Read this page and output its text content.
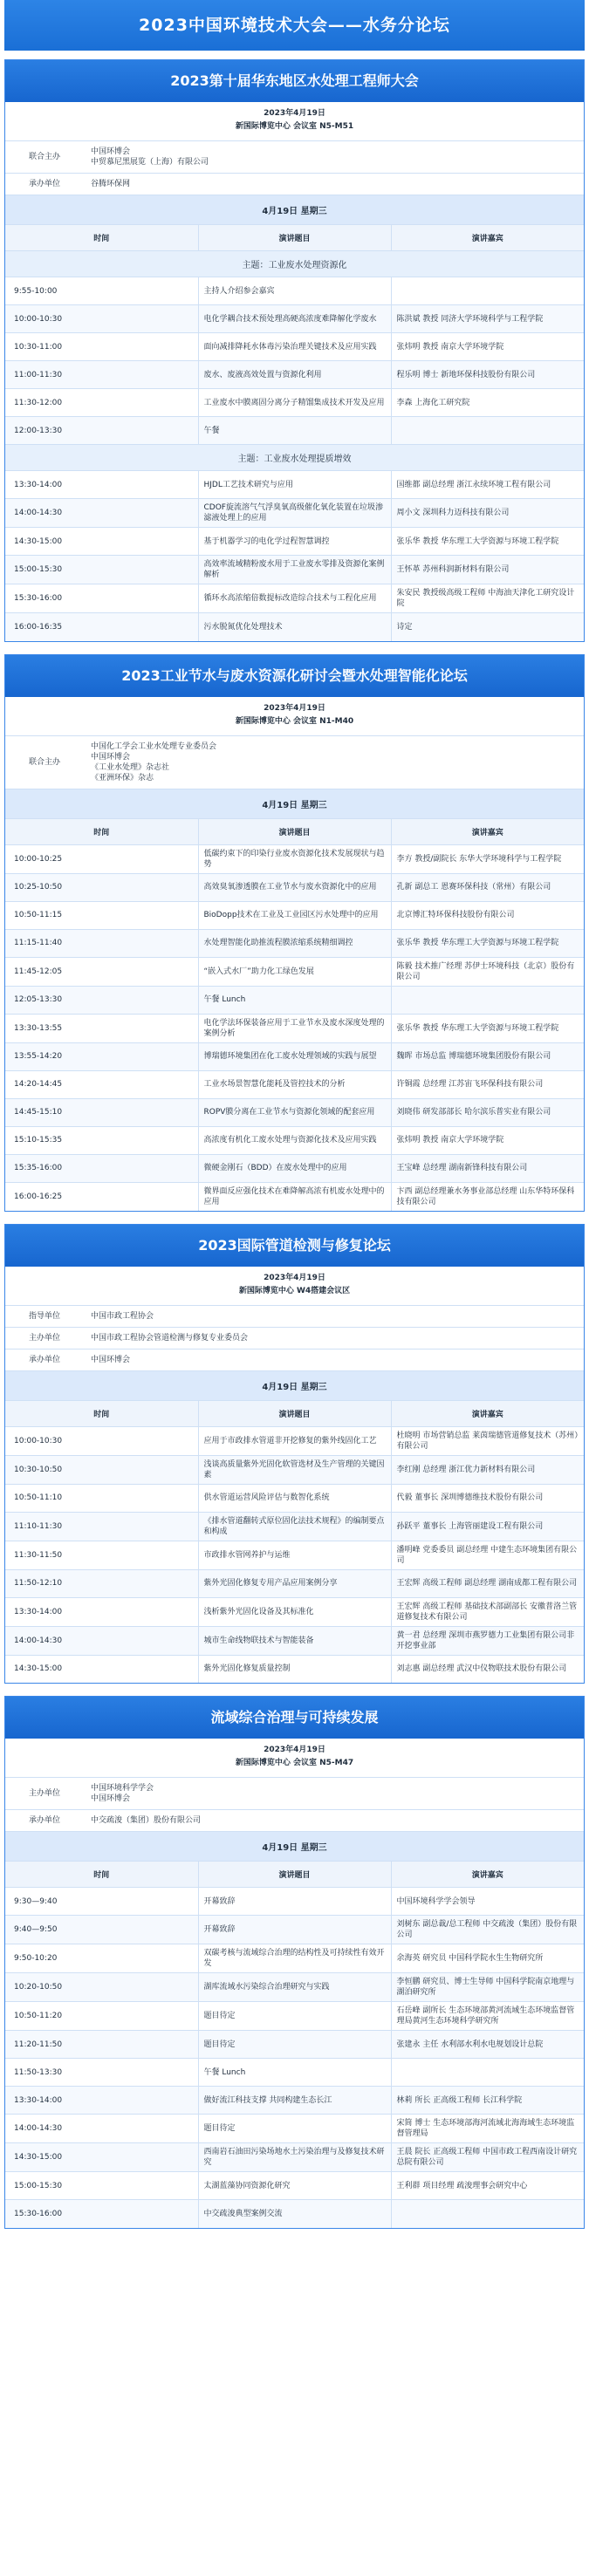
2023中国环境技术大会——水务分论坛
2023第十届华东地区水处理工程师大会
2023年4月19日
新国际博览中心 会议室 N5-M51
联合主办	中国环博会
中贸慕尼黑展览（上海）有限公司

承办单位	谷腾环保网
4月19日 星期三		
时间	演讲题目	演讲嘉宾
主题：工业废水处理资源化		
9:55-10:00	主持人介绍参会嘉宾	
10:00-10:30	电化学耦合技术预处理高硬高浓度难降解化学废水	陈洪斌 教授 同济大学环境科学与工程学院
10:30-11:00	面向减排降耗水体毒污染治理关键技术及应用实践	张炜明 教授 南京大学环境学院
11:00-11:30	废水、废液高效处置与资源化利用	程乐明 博士 新地环保科技股份有限公司
11:30-12:00	工业废水中膜离固分离分子精馏集成技术开发及应用	李森 上海化工研究院
12:00-13:30	午餐	
主题：工业废水处理提质增效		
13:30-14:00	HJDL工艺技术研究与应用	国维都 副总经理 浙江永续环境工程有限公司
14:00-14:30	CDOF旋流溶气气浮臭氧高级催化氧化装置在垃圾渗滤液处理上的应用	周小文 深圳科力迈科技有限公司
14:30-15:00	基于机器学习的电化学过程智慧调控	张乐华 教授 华东理工大学资源与环境工程学院
15:00-15:30	高效率流域精粉废水用于工业废水零排及资源化案例解析	王怀革 苏州科润新材料有限公司
15:30-16:00	循环水高浓缩倍数提标改造综合技术与工程化应用	朱安民 教授级高级工程师 中海油天津化工研究设计院
16:00-16:35	污水脱氮优化处理技术	诗定
2023工业节水与废水资源化研讨会暨水处理智能化论坛
2023年4月19日
新国际博览中心 会议室 N1-M40
联合主办	
中国化工学会工业水处理专业委员会
中国环博会
《工业水处理》杂志社
《亚洲环保》杂志
4月19日 星期三		
时间	演讲题目	演讲嘉宾
10:00-10:25	低碳约束下的印染行业废水资源化技术发展现状与趋势	李方 教授/副院长 东华大学环境科学与工程学院
10:25-10:50	高效臭氧渗透膜在工业节水与废水资源化中的应用	孔新 副总工 恩赛环保科技（常州）有限公司
10:50-11:15	BioDopp技术在工业及工业园区污水处理中的应用	北京博汇特环保科技股份有限公司
11:15-11:40	水处理智能化助推流程膜浓缩系统精细调控	张乐华 教授 华东理工大学资源与环境工程学院
11:45-12:05	“嵌入式水厂”助力化工绿色发展	陈毅 技术推广经理 苏伊士环境科技（北京）股份有限公司
12:05-13:30	午餐 Lunch	
13:30-13:55	电化学法环保装备应用于工业节水及废水深度处理的案例分析	张乐华 教授 华东理工大学资源与环境工程学院
13:55-14:20	博瑞德环境集团在化工废水处理领域的实践与展望	魏晖 市场总监 博瑞德环境集团股份有限公司
14:20-14:45	工业水场景智慧化能耗及管控技术的分析	许铜霞 总经理 江苏宙飞环保科技有限公司
14:45-15:10	ROPV膜分离在工业节水与资源化领域的配套应用	刘晓伟 研发部部长 哈尔滨乐普实业有限公司
15:10-15:35	高浓度有机化工废水处理与资源化技术及应用实践	张炜明 教授 南京大学环境学院
15:35-16:00	微硬金刚石（BDD）在废水处理中的应用	王宝峰 总经理 湖南新锋科技有限公司
16:00-16:25	微界面反应强化技术在难降解高浓有机废水处理中的应用	卞西 副总经理兼水务事业部总经理 山东华特环保科技有限公司
2023国际管道检测与修复论坛
2023年4月19日
新国际博览中心 W4搭建会议区
指导单位	中国市政工程协会

主办单位	中国市政工程协会管道检测与修复专业委员会

承办单位	中国环博会
4月19日 星期三		
时间	演讲题目	演讲嘉宾
10:00-10:30	应用于市政排水管道非开挖修复的紫外线固化工艺	杜晓明 市场营销总监 莱茵瑞德管道修复技术（苏州）有限公司
10:30-10:50	浅谈高质量紫外光固化软管选材及生产管理的关键因素	李红刚 总经理 浙江优力新材料有限公司
10:50-11:10	供水管道运营风险评估与数智化系统	代毅 董事长 深圳博德维技术股份有限公司
11:10-11:30	《排水管道翻转式原位固化法技术规程》的编制要点和构成	孙跃平 董事长 上海管丽建设工程有限公司
11:30-11:50	市政排水管网养护与运维	潘明峰 党委委员 副总经理 中建生态环境集团有限公司
11:50-12:10	紫外光固化修复专用产品应用案例分享	王宏辉 高级工程师 副总经理 湖南成都工程有限公司
13:30-14:00	浅析紫外光固化设备及其标准化	王宏辉 高级工程师 基础技术部副部长 安徽普洛兰管道修复技术有限公司
14:00-14:30	城市生命线物联技术与智能装备	黄一君 总经理 深圳市燕罗德力工业集团有限公司非开挖事业部
14:30-15:00	紫外光固化修复质量控制	刘志惠 副总经理 武汉中仪物联技术股份有限公司
流域综合治理与可持续发展
2023年4月19日
新国际博览中心 会议室 N5-M47
主办单位	中国环境科学学会
中国环博会

承办单位	中交疏浚（集团）股份有限公司
4月19日 星期三		
时间	演讲题目	演讲嘉宾
9:30—9:40	开幕致辞	中国环境科学学会领导
9:40—9:50	开幕致辞	刘树东 副总裁/总工程师 中交疏浚（集团）股份有限公司
9:50-10:20	双碳考核与流域综合治理的结构性及可持续性有效开发	余海英 研究员 中国科学院水生生物研究所
10:20-10:50	湖库流域水污染综合治理研究与实践	李恒鹏 研究员、博士生导师 中国科学院南京地理与湖泊研究所
10:50-11:20	题目待定	石岳峰 副所长 生态环境部黄河流域生态环境监督管理局黄河生态环境科学研究所
11:20-11:50	题目待定	张建永 主任 水利部水利水电规划设计总院
11:50-13:30	午餐 Lunch	
13:30-14:00	做好流江科技支撑 共同构建生态长江	林莉 所长 正高级工程师 长江科学院
14:00-14:30	题目待定	宋简 博士 生态环境部海河流域北海海域生态环境监督管理局
14:30-15:00	西南岩石油田污染场地水土污染治理与及修复技术研究	王晨 院长 正高级工程师 中国市政工程西南设计研究总院有限公司
15:00-15:30	太湖蓝藻协同资源化研究	王利群 项目经理 疏浚理事会研究中心
15:30-16:00	中交疏浚典型案例交流	
